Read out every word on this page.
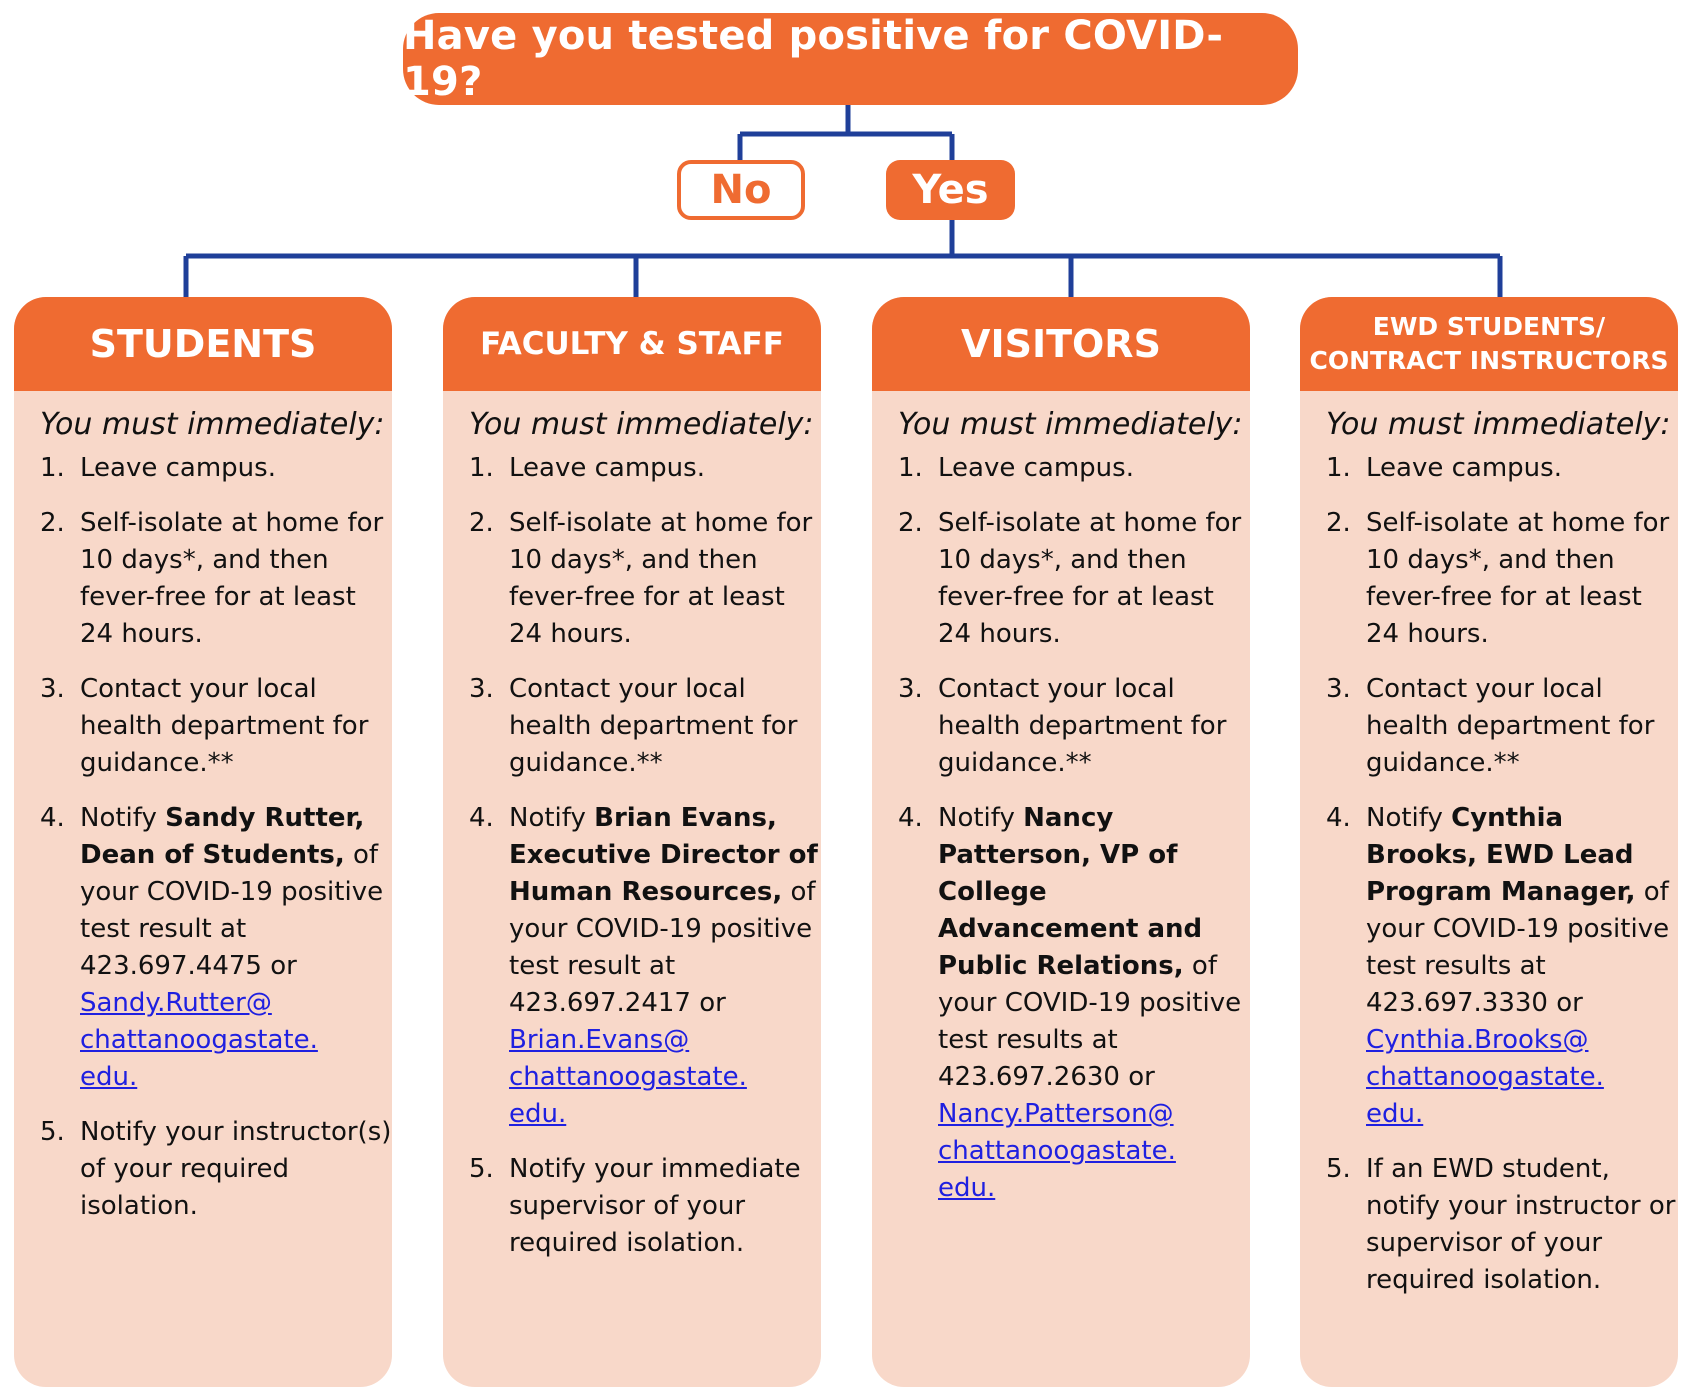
Have you tested positive for COVID-19?
No	Yes
STUDENTS

You must immediately:

1. Leave campus.
2. Self-isolate at home for 10 days*, and then fever-free for at least 24 hours.
3. Contact your local health department for guidance.**
4. Notify Sandy Rutter, Dean of Students, of your COVID-19 positive test result at 423.697.4475 or
Sandy.Rutter@
chattanoogastate.
edu.
5. Notify your instructor(s) of your required isolation.
FACULTY & STAFF

You must immediately:

1. Leave campus.
2. Self-isolate at home for 10 days*, and then fever-free for at least 24 hours.
3. Contact your local health department for guidance.**
4. Notify Brian Evans, Executive Director of Human Resources, of your COVID-19 positive test result at 423.697.2417 or
Brian.Evans@
chattanoogastate.
edu.
5. Notify your immediate supervisor of your required isolation.
VISITORS

You must immediately:

1. Leave campus.
2. Self-isolate at home for 10 days*, and then fever-free for at least 24 hours.
3. Contact your local health department for guidance.**
4. Notify Nancy Patterson, VP of College Advancement and Public Relations, of your COVID-19 positive test results at 423.697.2630 or
Nancy.Patterson@
chattanoogastate.
edu.
EWD STUDENTS/
CONTRACT INSTRUCTORS

You must immediately:

1. Leave campus.
2. Self-isolate at home for 10 days*, and then fever-free for at least 24 hours.
3. Contact your local health department for guidance.**
4. Notify Cynthia Brooks, EWD Lead Program Manager, of your COVID-19 positive test results at 423.697.3330 or
Cynthia.Brooks@
chattanoogastate.
edu.
5. If an EWD student, notify your instructor or supervisor of your required isolation.
